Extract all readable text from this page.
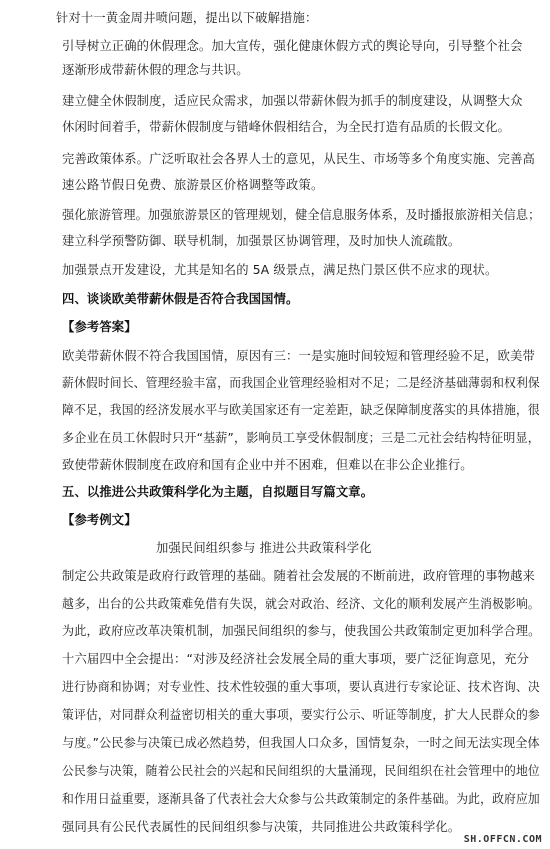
针对十一黄金周井喷问题，提出以下破解措施：
引导树立正确的休假理念。加大宣传，强化健康休假方式的舆论导向，引导整个社会
逐渐形成带薪休假的理念与共识。
建立健全休假制度，适应民众需求，加强以带薪休假为抓手的制度建设，从调整大众
休闲时间着手，带薪休假制度与错峰休假相结合，为全民打造有品质的长假文化。
完善政策体系。广泛听取社会各界人士的意见，从民生、市场等多个角度实施、完善高
速公路节假日免费、旅游景区价格调整等政策。
强化旅游管理。加强旅游景区的管理规划，健全信息服务体系，及时播报旅游相关信息；
建立科学预警防御、联导机制，加强景区协调管理，及时加快人流疏散。
加强景点开发建设，尤其是知名的 5A 级景点，满足热门景区供不应求的现状。
四、谈谈欧美带薪休假是否符合我国国情。
【参考答案】
欧美带薪休假不符合我国国情，原因有三：一是实施时间较短和管理经验不足，欧美带
薪休假时间长、管理经验丰富，而我国企业管理经验相对不足；二是经济基础薄弱和权利保
障不足，我国的经济发展水平与欧美国家还有一定差距，缺乏保障制度落实的具体措施，很
多企业在员工休假时只开“基薪”，影响员工享受休假制度；三是二元社会结构特征明显，
致使带薪休假制度在政府和国有企业中并不困难，但难以在非公企业推行。
五、以推进公共政策科学化为主题，自拟题目写篇文章。
【参考例文】
加强民间组织参与 推进公共政策科学化
制定公共政策是政府行政管理的基础。随着社会发展的不断前进，政府管理的事物越来
越多，出台的公共政策难免借有失误，就会对政治、经济、文化的顺利发展产生消极影响。
为此，政府应改革决策机制，加强民间组织的参与，使我国公共政策制定更加科学合理。
十六届四中全会提出：“对涉及经济社会发展全局的重大事项，要广泛征询意见，充分
进行协商和协调；对专业性、技术性较强的重大事项，要认真进行专家论证、技术咨询、决
策评估，对同群众利益密切相关的重大事项，要实行公示、听证等制度，扩大人民群众的参
与度。”公民参与决策已成必然趋势，但我国人口众多，国情复杂，一时之间无法实现全体
公民参与决策，随着公民社会的兴起和民间组织的大量涌现，民间组织在社会管理中的地位
和作用日益重要，逐渐具备了代表社会大众参与公共政策制定的条件基础。为此，政府应加
强同具有公民代表属性的民间组织参与决策，共同推进公共政策科学化。
SH.OFFCN.COM
